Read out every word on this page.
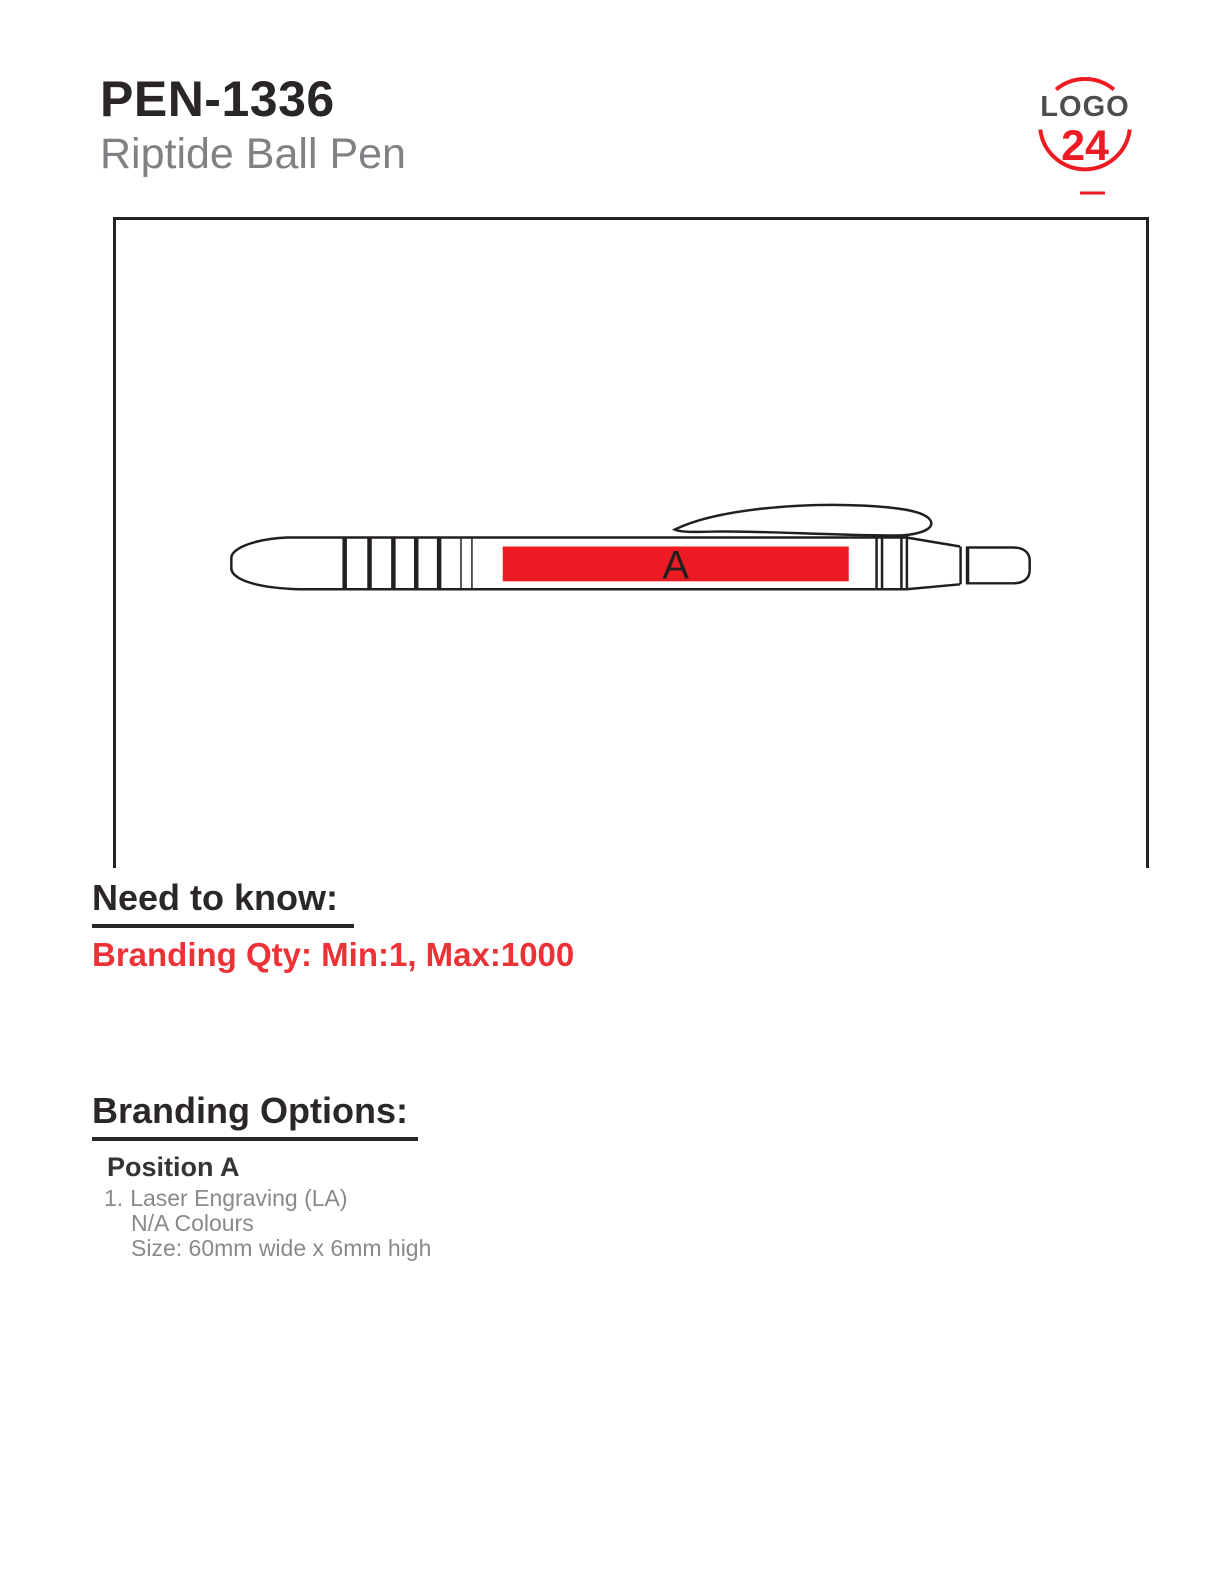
PEN-1336
Riptide Ball Pen
LOGO
24
A
Need to know:
Branding Qty: Min:1, Max:1000
Branding Options:
Position A
1. Laser Engraving (LA)
N/A Colours
Size: 60mm wide x 6mm high
